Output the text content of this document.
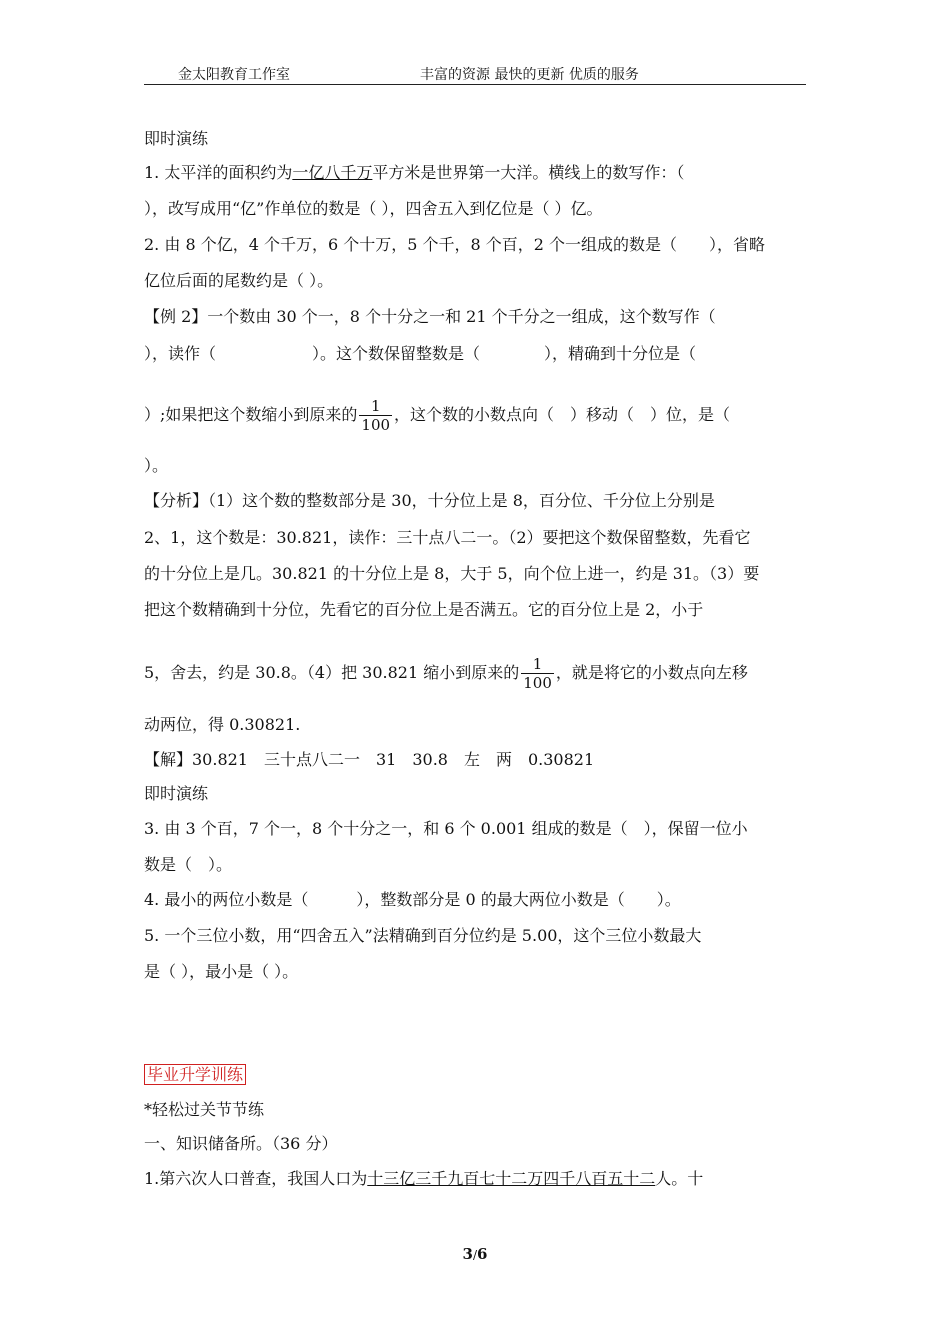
金太阳教育工作室	丰富的资源 最快的更新 优质的服务
即时演练
1. 太平洋的面积约为一亿八千万平方米是世界第一大洋。横线上的数写作：（
），改写成用“亿”作单位的数是（ ），四舍五入到亿位是（ ）亿。
2. 由 8 个亿，4 个千万，6 个十万，5 个千，8 个百，2 个一组成的数是（　　），省略
亿位后面的尾数约是（ ）。
【例 2】一个数由 30 个一，8 个十分之一和 21 个千分之一组成，这个数写作（
），读作（　　　　　　）。这个数保留整数是（　　　　），精确到十分位是（
）;如果把这个数缩小到原来的 $\frac{1}{100}$ ，这个数的小数点向（　）移动（　）位，是（
）。
【分析】（1）这个数的整数部分是 30，十分位上是 8，百分位、千分位上分别是
2、1，这个数是：30.821，读作：三十点八二一。（2）要把这个数保留整数，先看它
的十分位上是几。30.821 的十分位上是 8，大于 5，向个位上进一，约是 31。（3）要
把这个数精确到十分位，先看它的百分位上是否满五。它的百分位上是 2，小于
5，舍去，约是 30.8。（4）把 30.821 缩小到原来的 $\frac{1}{100}$ ，就是将它的小数点向左移
动两位，得 0.30821.
【解】30.821　三十点八二一　31　30.8　左　两　0.30821
即时演练
3. 由 3 个百，7 个一，8 个十分之一，和 6 个 0.001 组成的数是（　），保留一位小
数是（　）。
4. 最小的两位小数是（　　　），整数部分是 0 的最大两位小数是（　　）。
5. 一个三位小数，用“四舍五入”法精确到百分位约是 5.00，这个三位小数最大
是（ ），最小是（ ）。
毕业升学训练
*轻松过关节节练
一、知识储备所。（36 分）
1.第六次人口普查，我国人口为十三亿三千九百七十二万四千八百五十二人。十
3/6
